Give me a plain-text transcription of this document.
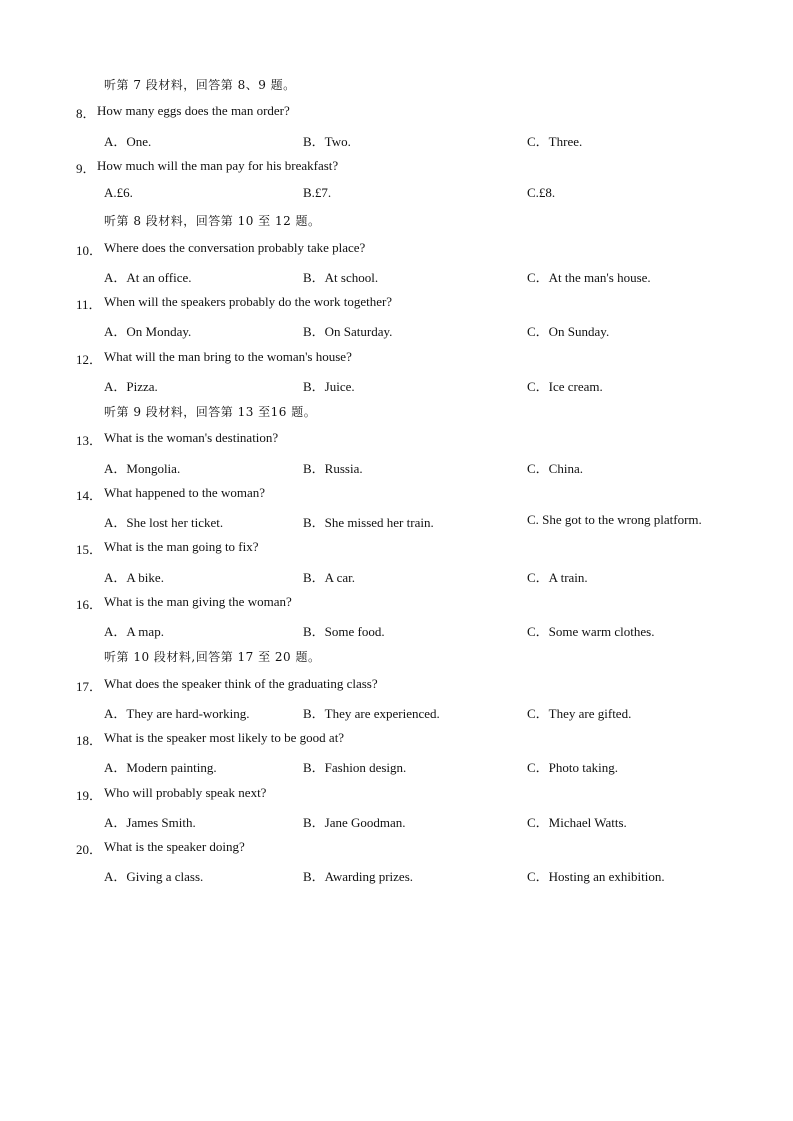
听第 7 段材料，回答第 8、9 题。
8． How many eggs does the man order?
A．One.	B．Two.	C．Three.
9． How much will the man pay for his breakfast?
A.£6.	B.£7.	C.£8.
听第 8 段材料，回答第 10 至 12 题。
10． Where does the conversation probably take place?
A．At an office.	B．At school.	C．At the man's house.
11． When will the speakers probably do the work together?
A．On Monday.	B．On Saturday.	C．On Sunday.
12． What will the man bring to the woman's house?
A．Pizza.	B．Juice.	C．Ice cream.
听第 9 段材料，回答第 13 至16 题。
13． What is the woman's destination?
A．Mongolia.	B．Russia.	C．China.
14． What happened to the woman?
A．She lost her ticket.	B．She missed her train.	C. She got to the wrong platform.
15． What is the man going to fix?
A．A bike.	B．A car.	C．A train.
16． What is the man giving the woman?
A．A map.	B．Some food.	C．Some warm clothes.
听第 10 段材料,回答第 17 至 20 题。
17． What does the speaker think of the graduating class?
A．They are hard-working.	B．They are experienced.	C．They are gifted.
18． What is the speaker most likely to be good at?
A．Modern painting.	B．Fashion design.	C．Photo taking.
19． Who will probably speak next?
A．James Smith.	B．Jane Goodman.	C．Michael Watts.
20． What is the speaker doing?
A．Giving a class.	B．Awarding prizes.	C．Hosting an exhibition.
